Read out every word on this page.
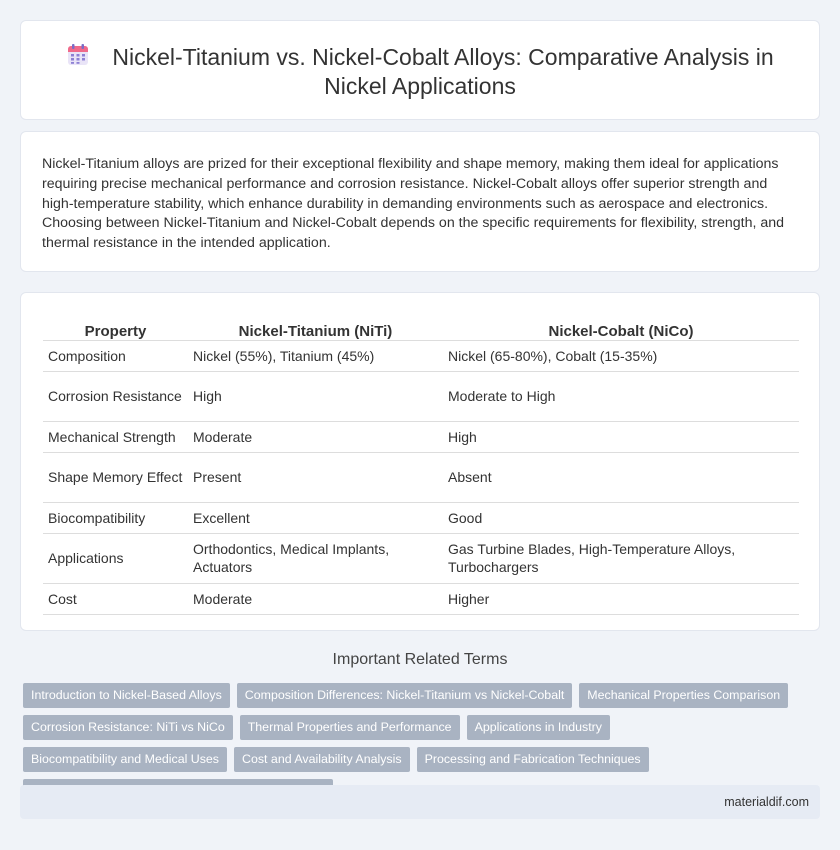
Nickel-Titanium vs. Nickel-Cobalt Alloys: Comparative Analysis in
Nickel Applications

Nickel-Titanium alloys are prized for their exceptional flexibility and shape memory, making them ideal for applications requiring precise mechanical performance and corrosion resistance. Nickel-Cobalt alloys offer superior strength and high-temperature stability, which enhance durability in demanding environments such as aerospace and electronics. Choosing between Nickel-Titanium and Nickel-Cobalt depends on the specific requirements for flexibility, strength, and thermal resistance in the intended application.

Property	Nickel-Titanium (NiTi)	Nickel-Cobalt (NiCo)
Composition	Nickel (55%), Titanium (45%)	Nickel (65-80%), Cobalt (15-35%)
Corrosion Resistance	High	Moderate to High
Mechanical Strength	Moderate	High
Shape Memory Effect	Present	Absent
Biocompatibility	Excellent	Good
Applications	Orthodontics, Medical Implants, Actuators	Gas Turbine Blades, High-Temperature Alloys, Turbochargers
Cost	Moderate	Higher
Important Related Terms
Introduction to Nickel-Based Alloys	Composition Differences: Nickel-Titanium vs Nickel-Cobalt	Mechanical Properties Comparison
Corrosion Resistance: NiTi vs NiCo	Thermal Properties and Performance	Applications in Industry
Biocompatibility and Medical Uses	Cost and Availability Analysis	Processing and Fabrication Techniques
materialdif.com
